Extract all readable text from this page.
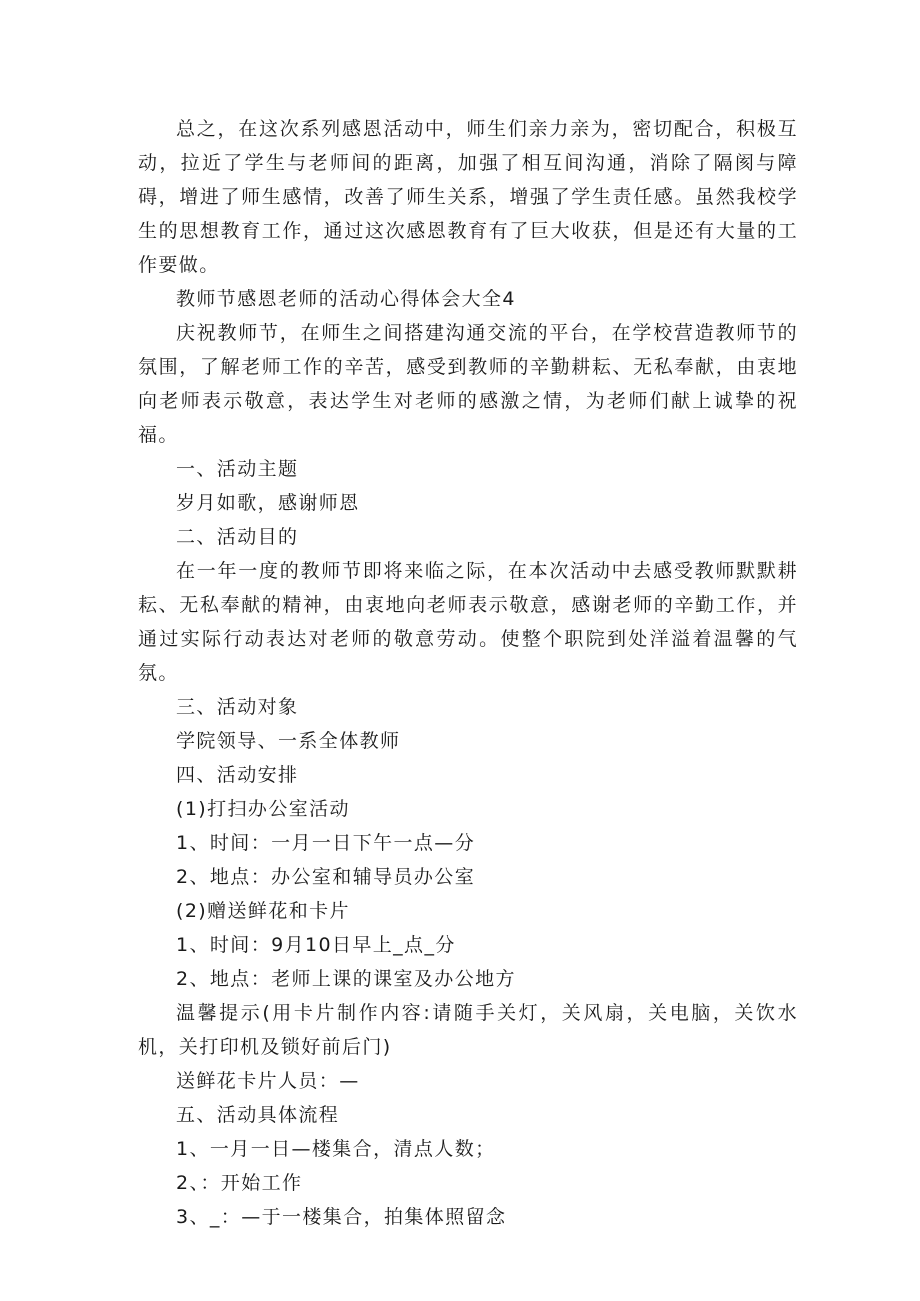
总之，在这次系列感恩活动中，师生们亲力亲为，密切配合，积极互动，拉近了学生与老师间的距离，加强了相互间沟通，消除了隔阂与障碍，增进了师生感情，改善了师生关系，增强了学生责任感。虽然我校学生的思想教育工作，通过这次感恩教育有了巨大收获，但是还有大量的工作要做。

教师节感恩老师的活动心得体会大全4

庆祝教师节，在师生之间搭建沟通交流的平台，在学校营造教师节的氛围，了解老师工作的辛苦，感受到教师的辛勤耕耘、无私奉献，由衷地向老师表示敬意，表达学生对老师的感激之情，为老师们献上诚挚的祝福。

一、活动主题

岁月如歌，感谢师恩

二、活动目的

在一年一度的教师节即将来临之际，在本次活动中去感受教师默默耕耘、无私奉献的精神，由衷地向老师表示敬意，感谢老师的辛勤工作，并通过实际行动表达对老师的敬意劳动。使整个职院到处洋溢着温馨的气氛。

三、活动对象

学院领导、一系全体教师

四、活动安排

(1)打扫办公室活动

1、时间：一月一日下午一点—分

2、地点：办公室和辅导员办公室

(2)赠送鲜花和卡片

1、时间：9月10日早上_点_分

2、地点：老师上课的课室及办公地方

温馨提示(用卡片制作内容:请随手关灯，关风扇，关电脑，关饮水机，关打印机及锁好前后门)

送鲜花卡片人员：—

五、活动具体流程

1、一月一日—楼集合，清点人数；

2、：开始工作

3、_：—于一楼集合，拍集体照留念
